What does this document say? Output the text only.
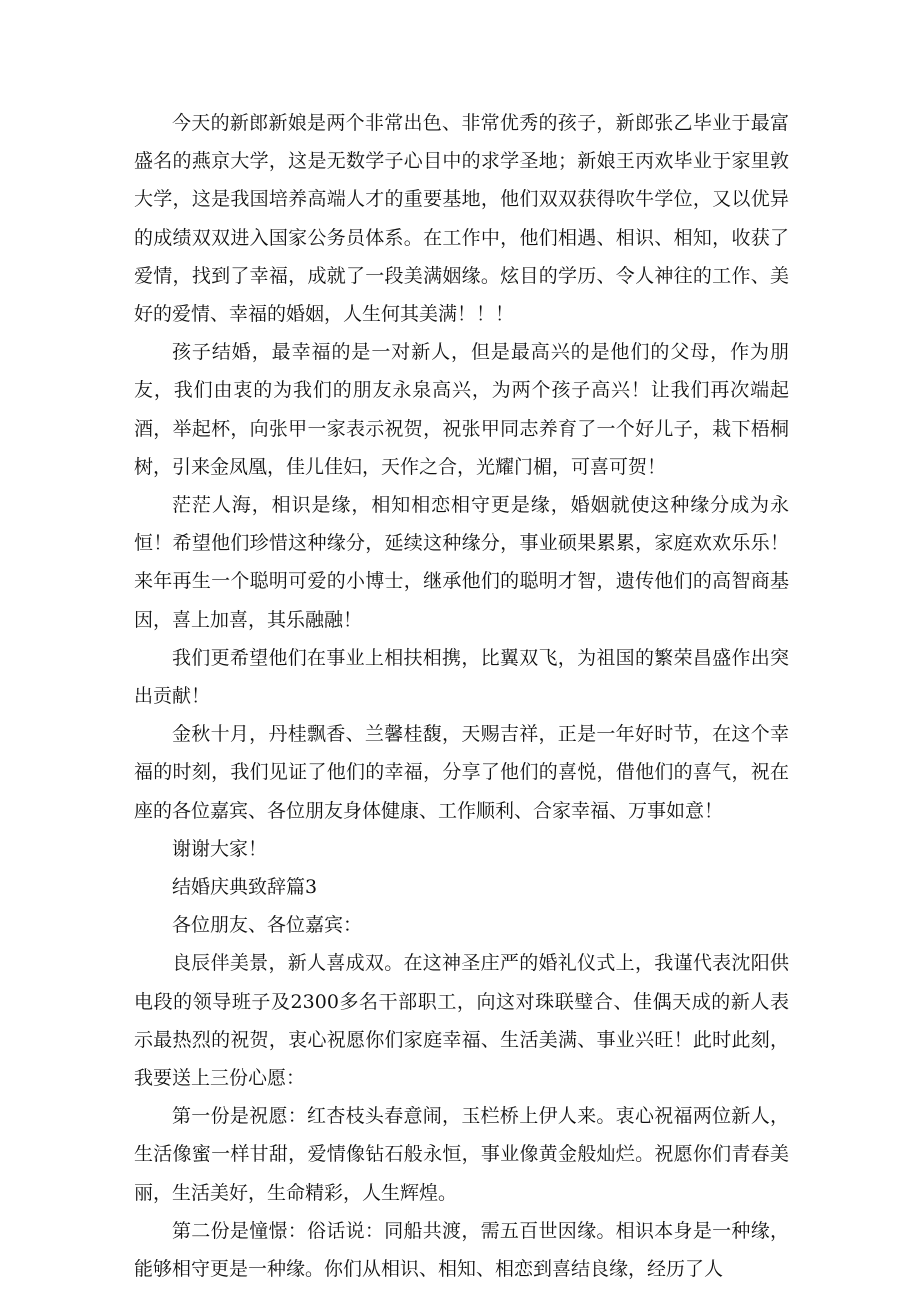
今天的新郎新娘是两个非常出色、非常优秀的孩子，新郎张乙毕业于最富盛名的燕京大学，这是无数学子心目中的求学圣地；新娘王丙欢毕业于家里敦大学，这是我国培养高端人才的重要基地，他们双双获得吹牛学位，又以优异的成绩双双进入国家公务员体系。在工作中，他们相遇、相识、相知，收获了爱情，找到了幸福，成就了一段美满姻缘。炫目的学历、令人神往的工作、美好的爱情、幸福的婚姻，人生何其美满！！！

孩子结婚，最幸福的是一对新人，但是最高兴的是他们的父母，作为朋友，我们由衷的为我们的朋友永泉高兴，为两个孩子高兴！让我们再次端起酒，举起杯，向张甲一家表示祝贺，祝张甲同志养育了一个好儿子，栽下梧桐树，引来金凤凰，佳儿佳妇，天作之合，光耀门楣，可喜可贺！

茫茫人海，相识是缘，相知相恋相守更是缘，婚姻就使这种缘分成为永恒！希望他们珍惜这种缘分，延续这种缘分，事业硕果累累，家庭欢欢乐乐！来年再生一个聪明可爱的小博士，继承他们的聪明才智，遗传他们的高智商基因，喜上加喜，其乐融融！

我们更希望他们在事业上相扶相携，比翼双飞，为祖国的繁荣昌盛作出突出贡献！

金秋十月，丹桂飘香、兰馨桂馥，天赐吉祥，正是一年好时节，在这个幸福的时刻，我们见证了他们的幸福，分享了他们的喜悦，借他们的喜气，祝在座的各位嘉宾、各位朋友身体健康、工作顺利、合家幸福、万事如意！

谢谢大家！

结婚庆典致辞篇3

各位朋友、各位嘉宾：

良辰伴美景，新人喜成双。在这神圣庄严的婚礼仪式上，我谨代表沈阳供电段的领导班子及2300多名干部职工，向这对珠联璧合、佳偶天成的新人表示最热烈的祝贺，衷心祝愿你们家庭幸福、生活美满、事业兴旺！此时此刻，我要送上三份心愿：

第一份是祝愿：红杏枝头春意闹，玉栏桥上伊人来。衷心祝福两位新人，生活像蜜一样甘甜，爱情像钻石般永恒，事业像黄金般灿烂。祝愿你们青春美丽，生活美好，生命精彩，人生辉煌。

第二份是憧憬：俗话说：同船共渡，需五百世因缘。相识本身是一种缘，能够相守更是一种缘。你们从相识、相知、相恋到喜结良缘，经历了人
